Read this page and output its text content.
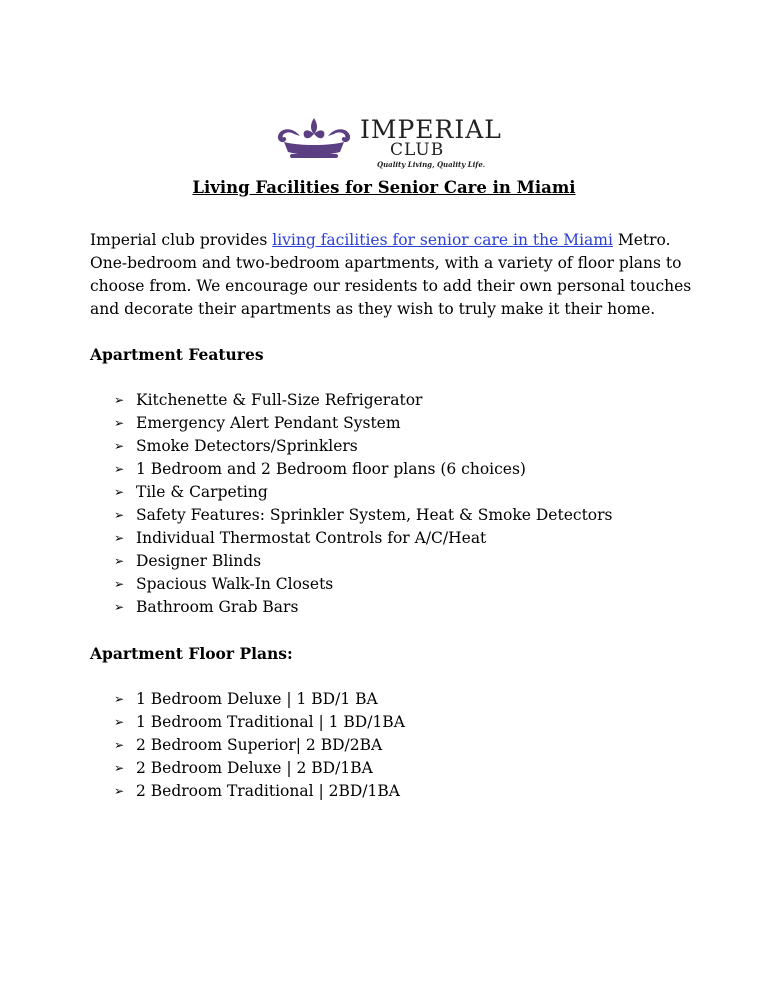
IMPERIAL
CLUB
Quality Living, Quality Life.
Living Facilities for Senior Care in Miami

Imperial club provides living facilities for senior care in the Miami Metro.
One-bedroom and two-bedroom apartments, with a variety of floor plans to
choose from. We encourage our residents to add their own personal touches
and decorate their apartments as they wish to truly make it their home.

Apartment Features
➢ Kitchenette & Full-Size Refrigerator
➢ Emergency Alert Pendant System
➢ Smoke Detectors/Sprinklers
➢ 1 Bedroom and 2 Bedroom floor plans (6 choices)
➢ Tile & Carpeting
➢ Safety Features: Sprinkler System, Heat & Smoke Detectors
➢ Individual Thermostat Controls for A/C/Heat
➢ Designer Blinds
➢ Spacious Walk-In Closets
➢ Bathroom Grab Bars
Apartment Floor Plans:
➢ 1 Bedroom Deluxe | 1 BD/1 BA
➢ 1 Bedroom Traditional | 1 BD/1BA
➢ 2 Bedroom Superior| 2 BD/2BA
➢ 2 Bedroom Deluxe | 2 BD/1BA
➢ 2 Bedroom Traditional | 2BD/1BA
